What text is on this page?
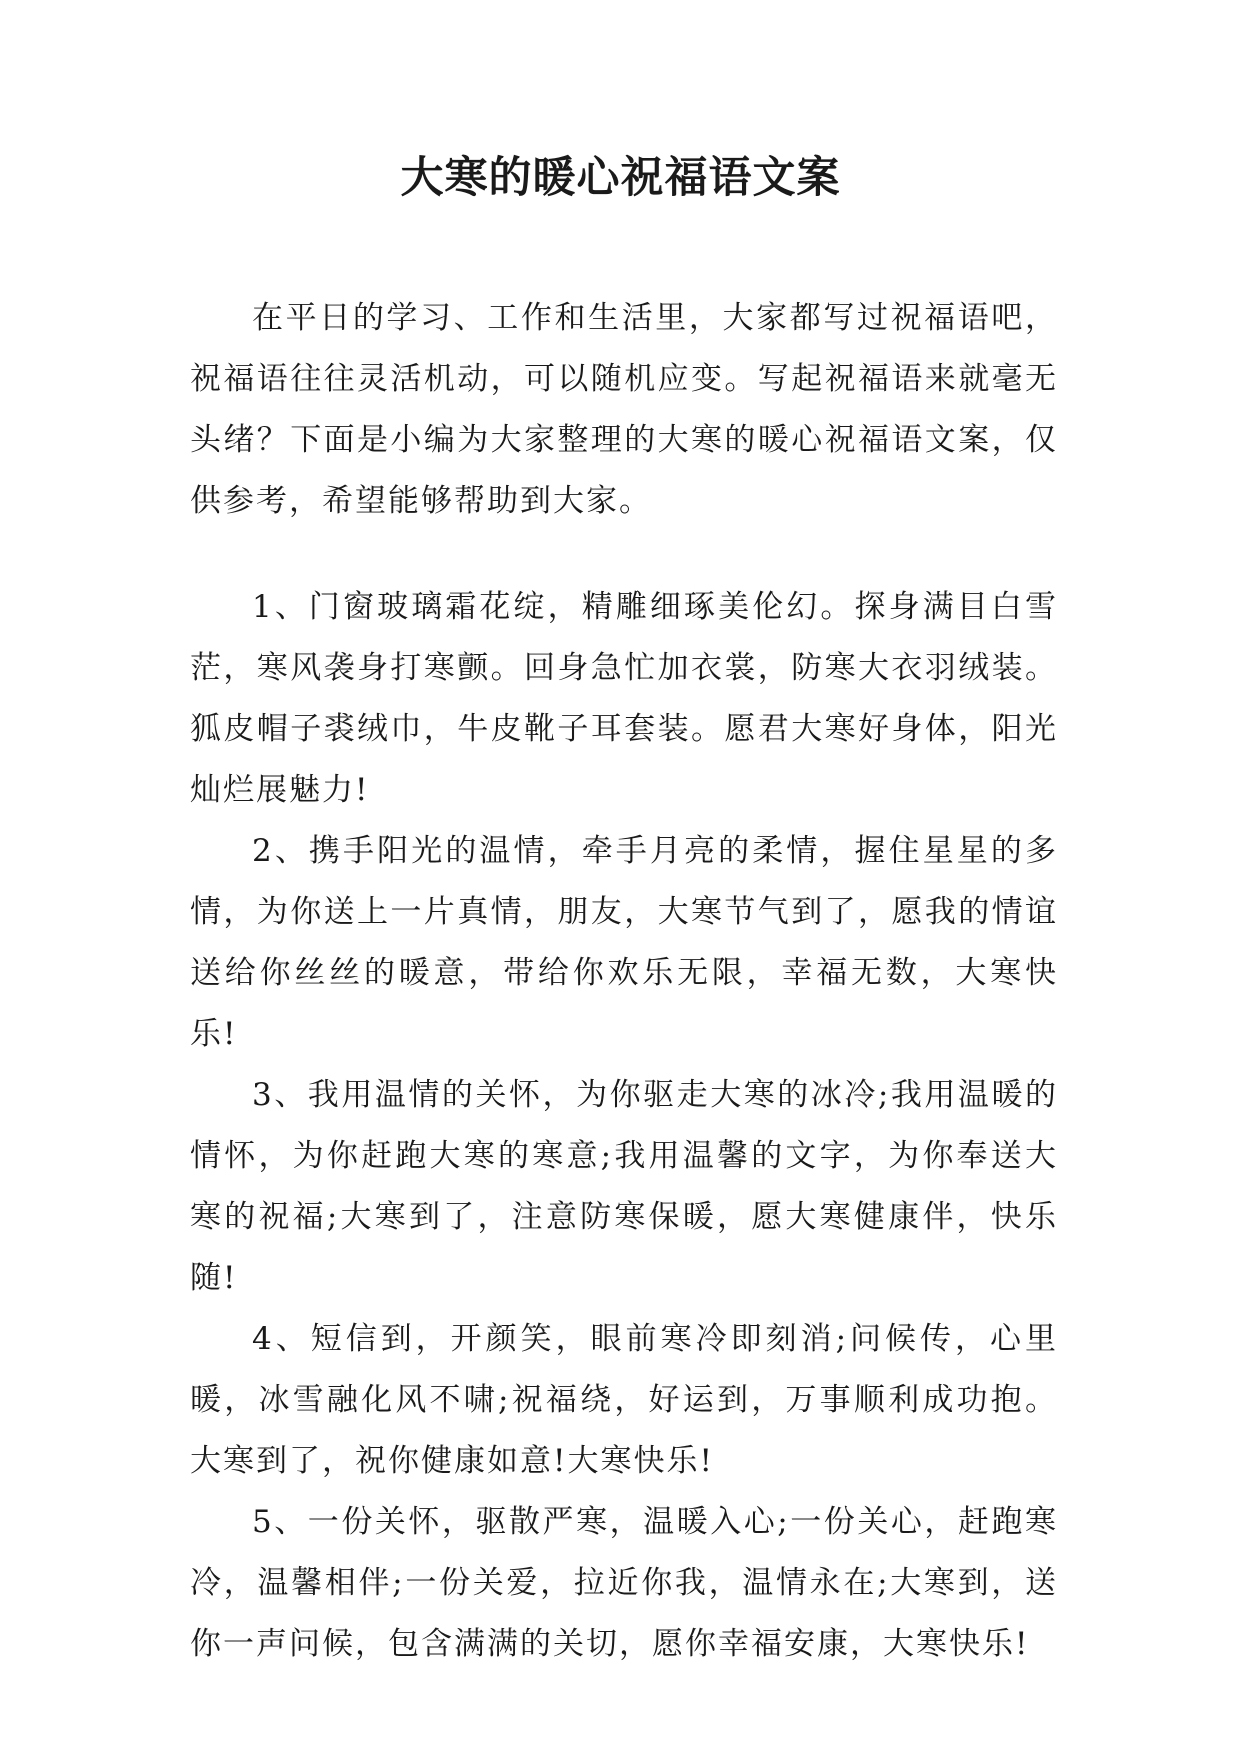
大寒的暖心祝福语文案

在平日的学习、工作和生活里，大家都写过祝福语吧，祝福语往往灵活机动，可以随机应变。写起祝福语来就毫无头绪？下面是小编为大家整理的大寒的暖心祝福语文案，仅供参考，希望能够帮助到大家。

1、门窗玻璃霜花绽，精雕细琢美伦幻。探身满目白雪茫，寒风袭身打寒颤。回身急忙加衣裳，防寒大衣羽绒装。狐皮帽子裘绒巾，牛皮靴子耳套装。愿君大寒好身体，阳光灿烂展魅力!

2、携手阳光的温情，牵手月亮的柔情，握住星星的多情，为你送上一片真情，朋友，大寒节气到了，愿我的情谊送给你丝丝的暖意，带给你欢乐无限，幸福无数，大寒快乐!

3、我用温情的关怀，为你驱走大寒的冰冷;我用温暖的情怀，为你赶跑大寒的寒意;我用温馨的文字，为你奉送大寒的祝福;大寒到了，注意防寒保暖，愿大寒健康伴，快乐随!

4、短信到，开颜笑，眼前寒冷即刻消;问候传，心里暖，冰雪融化风不啸;祝福绕，好运到，万事顺利成功抱。大寒到了，祝你健康如意!大寒快乐!

5、一份关怀，驱散严寒，温暖入心;一份关心，赶跑寒冷，温馨相伴;一份关爱，拉近你我，温情永在;大寒到，送你一声问候，包含满满的关切，愿你幸福安康，大寒快乐!
